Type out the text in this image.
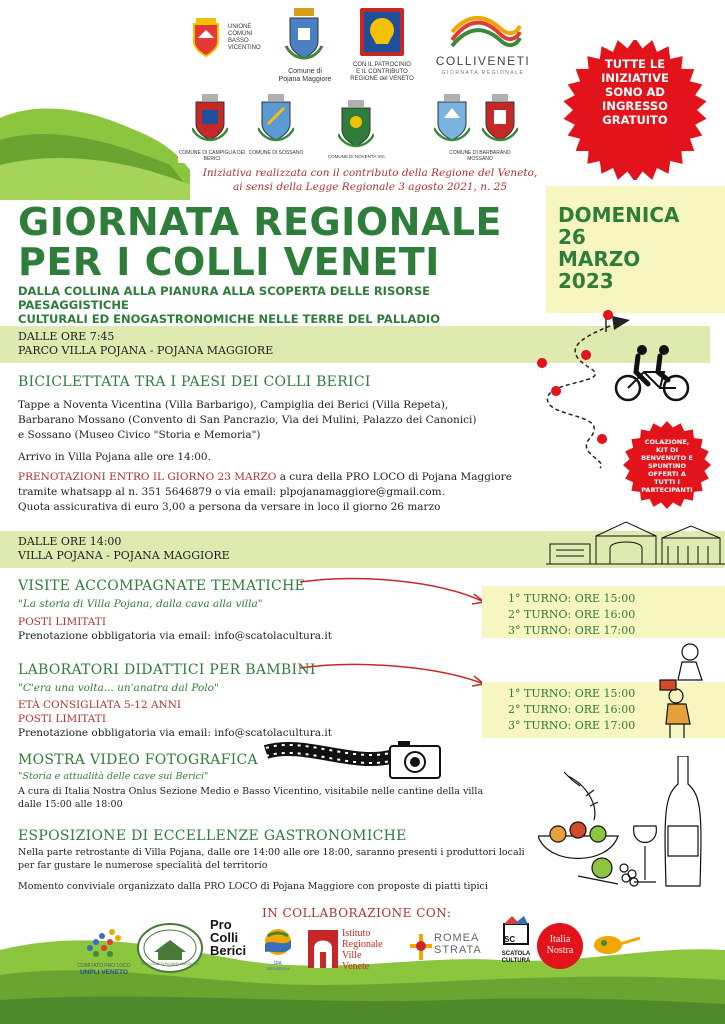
UNIONE
COMUNI
BASSO
VICENTINO
Comune di
Pojana Maggiore
CON IL PATROCINIO
E IL CONTRIBUTO
REGIONE del VENETO
COLLIVENETI
GIORNATA REGIONALE
COMUNE DI CAMPIGLIA DEI BERICI
COMUNE DI SOSSANO
COMUNE DI NOVENTA VIC.
COMUNE DI BARBARANO MOSSANO
TUTTE LE
INIZIATIVE
SONO AD
INGRESSO
GRATUITO
Iniziativa realizzata con il contributo della Regione del Veneto,
ai sensi della Legge Regionale 3 agosto 2021, n. 25
DOMENICA
26
MARZO
2023
GIORNATA REGIONALE
PER I COLLI VENETI
DALLA COLLINA ALLA PIANURA ALLA SCOPERTA DELLE RISORSE PAESAGGISTICHE
CULTURALI ED ENOGASTRONOMICHE NELLE TERRE DEL PALLADIO
DALLE ORE 7:45
PARCO VILLA POJANA - POJANA MAGGIORE
BICICLETTATA TRA I PAESI DEI COLLI BERICI
Tappe a Noventa Vicentina (Villa Barbarigo), Campiglia dei Berici (Villa Repeta),
Barbarano Mossano (Convento di San Pancrazio, Via dei Mulini, Palazzo dei Canonici)
e Sossano (Museo Civico "Storia e Memoria")
Arrivo in Villa Pojana alle ore 14:00.
PRENOTAZIONI ENTRO IL GIORNO 23 MARZO a cura della PRO LOCO di Pojana Maggiore
tramite whatsapp al n. 351 5646879 o via email: plpojanamaggiore@gmail.com.
Quota assicurativa di euro 3,00 a persona da versare in loco il giorno 26 marzo
COLAZIONE,
KIT DI
BENVENUTO E
SPUNTINO
OFFERTI A
TUTTI I
PARTECIPANTI
DALLE ORE 14:00
VILLA POJANA - POJANA MAGGIORE
VISITE ACCOMPAGNATE TEMATICHE
"La storia di Villa Pojana, dalla cava alla villa"
POSTI LIMITATI
Prenotazione obbligatoria via email: info@scatolacultura.it
1° TURNO: ORE 15:00
2° TURNO: ORE 16:00
3° TURNO: ORE 17:00
LABORATORI DIDATTICI PER BAMBINI
"C'era una volta... un'anatra dal Polo"
ETÀ CONSIGLIATA 5-12 ANNI
POSTI LIMITATI
Prenotazione obbligatoria via email: info@scatolacultura.it
1° TURNO: ORE 15:00
2° TURNO: ORE 16:00
3° TURNO: ORE 17:00
MOSTRA VIDEO FOTOGRAFICA
"Storia e attualità delle cave sui Berici"
A cura di Italia Nostra Onlus Sezione Medio e Basso Vicentino, visitabile nelle cantine della villa
dalle 15:00 alle 18:00
ESPOSIZIONE DI ECCELLENZE GASTRONOMICHE
Nella parte retrostante di Villa Pojana, dalle ore 14:00 alle ore 18:00, saranno presenti i produttori locali
per far gustare le numerose specialità del territorio
Momento conviviale organizzato dalla PRO LOCO di Pojana Maggiore con proposte di piatti tipici
IN COLLABORAZIONE CON:
COMITATO PRO LOCO
UNPLI VENETO
PRO LOCO DI POJANA MAGGIORE
Pro
Colli
Berici
IPA
AREA BERICA
Istituto
Regionale
Ville
Venete
ROMEA
STRATA
SC
SCATOLA
CULTURA
Italia
Nostra
